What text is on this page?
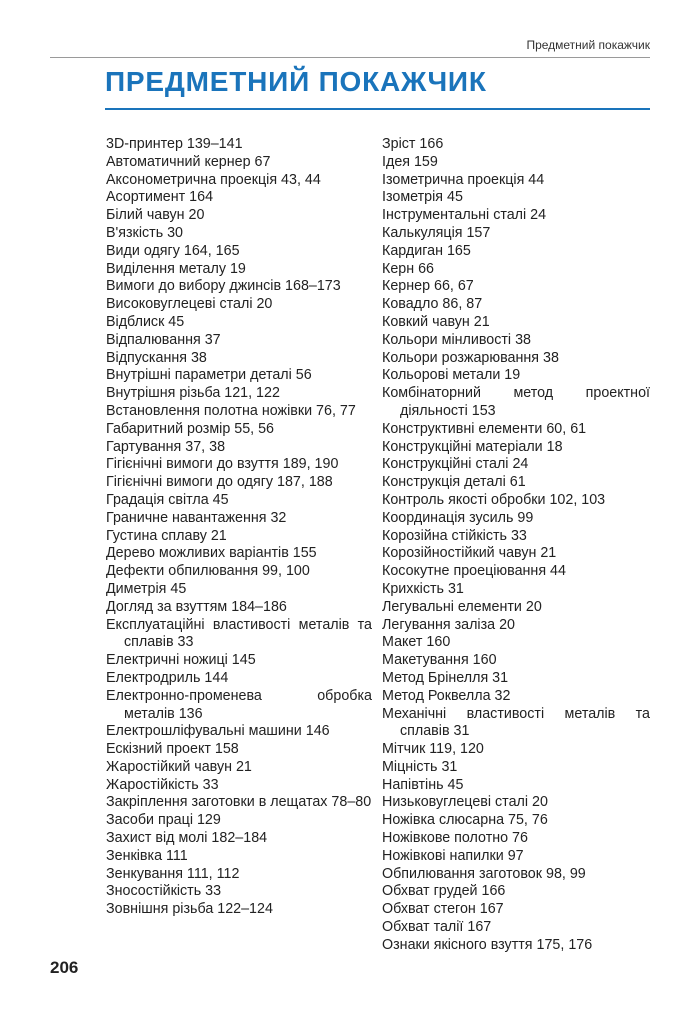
Предметний покажчик
ПРЕДМЕТНИЙ ПОКАЖЧИК
3D-принтер 139–141
Автоматичний кернер 67
Аксонометрична проекція 43, 44
Асортимент 164
Білий чавун 20
В'язкість 30
Види одягу 164, 165
Виділення металу 19
Вимоги до вибору джинсів 168–173
Високовуглецеві сталі 20
Відблиск 45
Відпалювання 37
Відпускання 38
Внутрішні параметри деталі 56
Внутрішня різьба 121, 122
Встановлення полотна ножівки 76, 77
Габаритний розмір 55, 56
Гартування 37, 38
Гігієнічні вимоги до взуття 189, 190
Гігієнічні вимоги до одягу 187, 188
Градація світла 45
Граничне навантаження 32
Густина сплаву 21
Дерево можливих варіантів 155
Дефекти обпилювання 99, 100
Диметрія 45
Догляд за взуттям 184–186
Експлуатаційні властивості металів та сплавів 33
Електричні ножиці 145
Електродриль 144
Електронно-променева обробка металів 136
Електрошліфувальні машини 146
Ескізний проект 158
Жаростійкий чавун 21
Жаростійкість 33
Закріплення заготовки в лещатах 78–80
Засоби праці 129
Захист від молі 182–184
Зенківка 111
Зенкування 111, 112
Зносостійкість 33
Зовнішня різьба 122–124
Зріст 166
Ідея 159
Ізометрична проекція 44
Ізометрія 45
Інструментальні сталі 24
Калькуляція 157
Кардиган 165
Керн 66
Кернер 66, 67
Ковадло 86, 87
Ковкий чавун 21
Кольори мінливості 38
Кольори розжарювання 38
Кольорові метали 19
Комбінаторний метод проектної діяльності 153
Конструктивні елементи 60, 61
Конструкційні матеріали 18
Конструкційні сталі 24
Конструкція деталі 61
Контроль якості обробки 102, 103
Координація зусиль 99
Корозійна стійкість 33
Корозійностійкий чавун 21
Косокутне проеціювання 44
Крихкість 31
Легувальні елементи 20
Легування заліза 20
Макет 160
Макетування 160
Метод Брінелля 31
Метод Роквелла 32
Механічні властивості металів та сплавів 31
Мітчик 119, 120
Міцність 31
Напівтінь 45
Низьковуглецеві сталі 20
Ножівка слюсарна 75, 76
Ножівкове полотно 76
Ножівкові напилки 97
Обпилювання заготовок 98, 99
Обхват грудей 166
Обхват стегон 167
Обхват талії 167
Ознаки якісного взуття 175, 176
206
